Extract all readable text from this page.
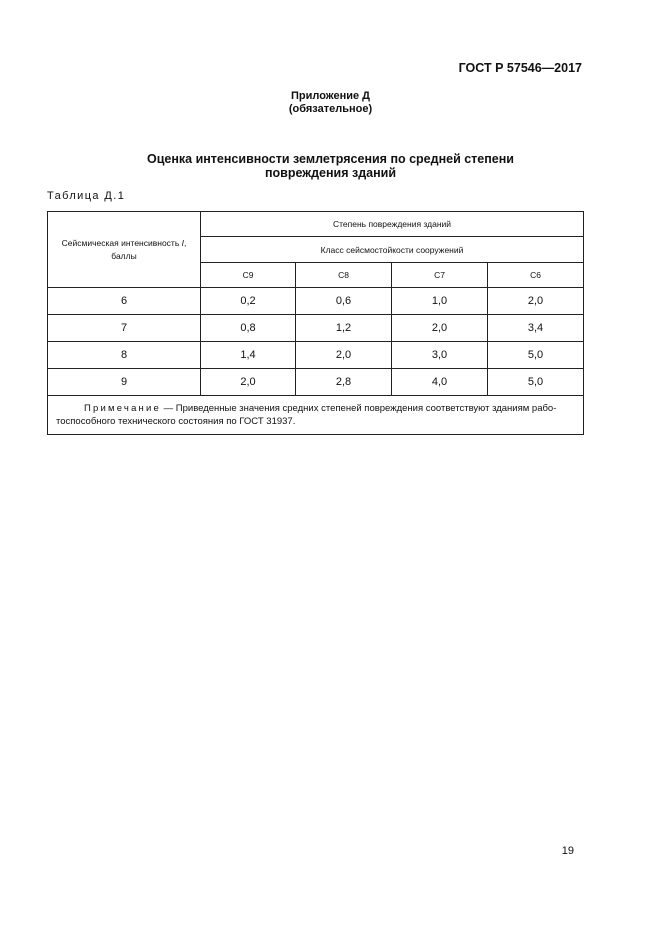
ГОСТ Р 57546—2017
Приложение Д
(обязательное)
Оценка интенсивности землетрясения по средней степени
повреждения зданий
Таблица Д.1
Сейсмическая интенсивность I,
баллы	Степень повреждения зданий			
	Класс сейсмостойкости сооружений			
	С9	С8	С7	С6
6	0,2	0,6	1,0	2,0
7	0,8	1,2	2,0	3,4
8	1,4	2,0	3,0	5,0
9	2,0	2,8	4,0	5,0
Примечание — Приведенные значения средних степеней повреждения соответствуют зданиям рабо-
тоспособного технического состояния по ГОСТ 31937.				
19
